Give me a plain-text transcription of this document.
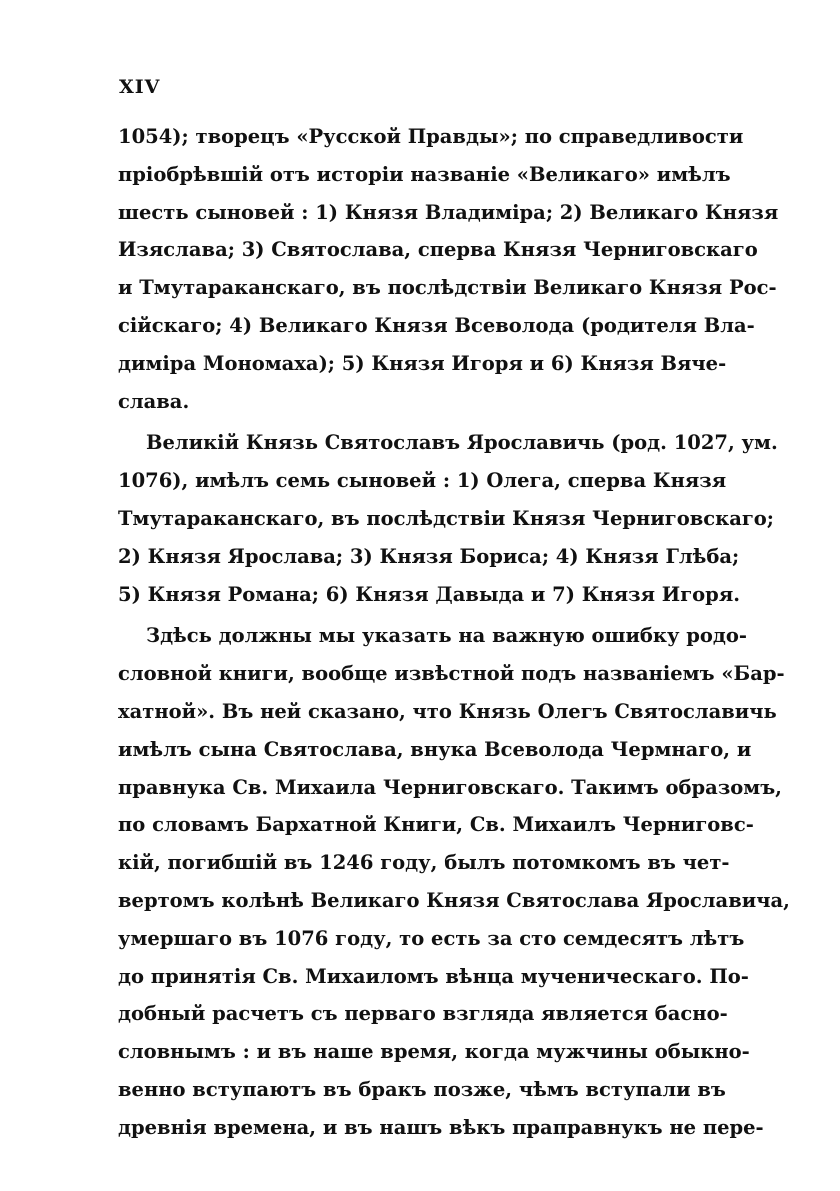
XIV
1054); творецъ «Русской Правды»; по справедливости
пріобрѣвшій отъ исторіи названіе «Великаго» имѣлъ
шесть сыновей : 1) Князя Владиміра; 2) Великаго Князя
Изяслава; 3) Святослава, сперва Князя Черниговскаго
и Тмутараканскаго, въ послѣдствіи Великаго Князя Рос-
сійскаго; 4) Великаго Князя Всеволода (родителя Вла-
диміра Мономаха); 5) Князя Игоря и 6) Князя Вяче-
слава.
Великій Князь Святославъ Ярославичь (род. 1027, ум.
1076), имѣлъ семь сыновей : 1) Олега, сперва Князя
Тмутараканскаго, въ послѣдствіи Князя Черниговскаго;
2) Князя Ярослава; 3) Князя Бориса; 4) Князя Глѣба;
5) Князя Романа; 6) Князя Давыда и 7) Князя Игоря.
Здѣсь должны мы указать на важную ошибку родо-
словной книги, вообще извѣстной подъ названіемъ «Бар-
хатной». Въ ней сказано, что Князь Олегъ Святославичь
имѣлъ сына Святослава, внука Всеволода Чермнаго, и
правнука Св. Михаила Черниговскаго. Такимъ образомъ,
по словамъ Бархатной Книги, Св. Михаилъ Черниговс-
кій, погибшій въ 1246 году, былъ потомкомъ въ чет-
вертомъ колѣнѣ Великаго Князя Святослава Ярославича,
умершаго въ 1076 году, то есть за сто семдесятъ лѣтъ
до принятія Св. Михаиломъ вѣнца мученическаго. По-
добный расчетъ съ перваго взгляда является басно-
словнымъ : и въ наше время, когда мужчины обыкно-
венно вступаютъ въ бракъ позже, чѣмъ вступали въ
древнія времена, и въ нашъ вѣкъ праправнукъ не пере-
